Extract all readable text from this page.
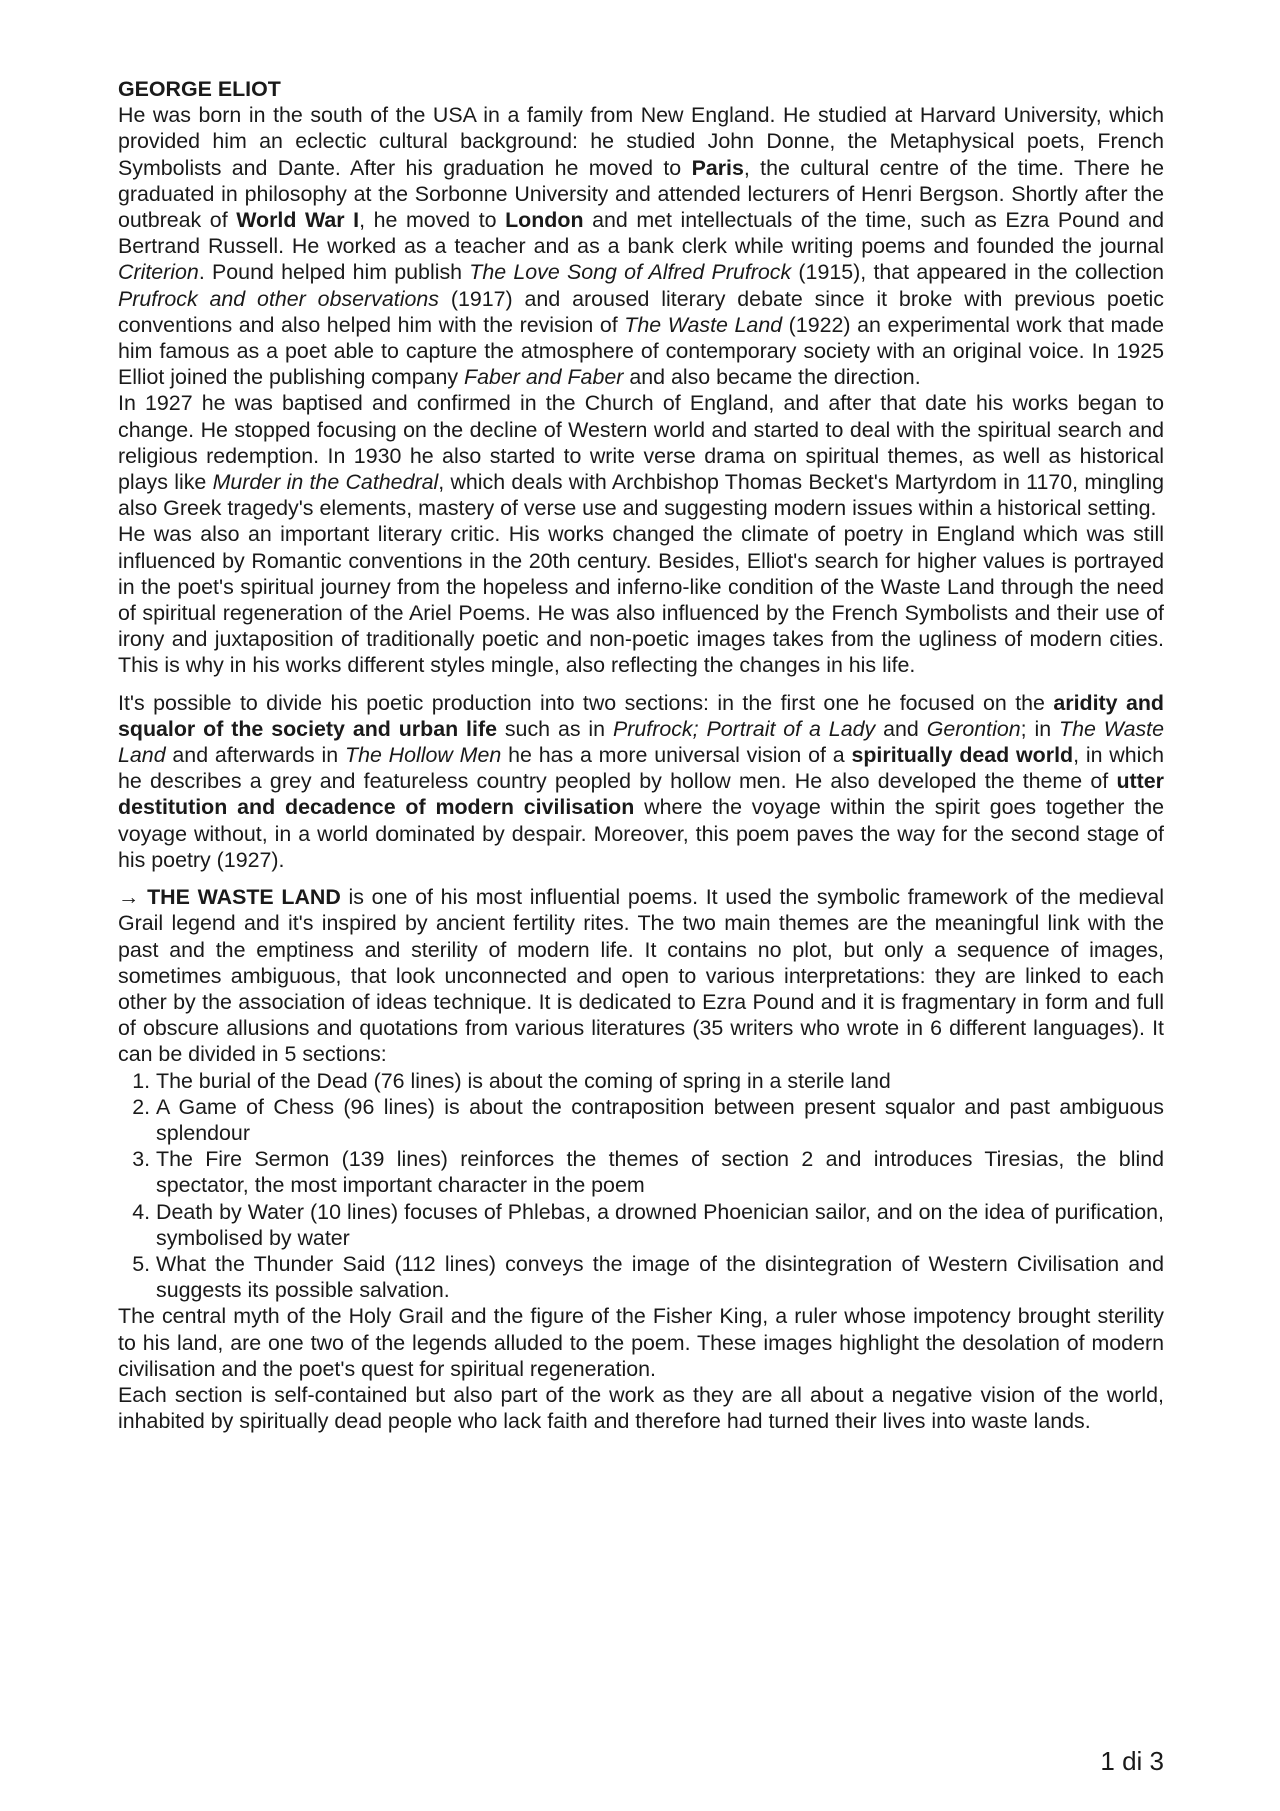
GEORGE ELIOT

He was born in the south of the USA in a family from New England. He studied at Harvard University, which provided him an eclectic cultural background: he studied John Donne, the Metaphysical poets, French Symbolists and Dante. After his graduation he moved to Paris, the cultural centre of the time. There he graduated in philosophy at the Sorbonne University and attended lecturers of Henri Bergson. Shortly after the outbreak of World War I, he moved to London and met intellectuals of the time, such as Ezra Pound and Bertrand Russell. He worked as a teacher and as a bank clerk while writing poems and founded the journal Criterion. Pound helped him publish The Love Song of Alfred Prufrock (1915), that appeared in the collection Prufrock and other observations (1917) and aroused literary debate since it broke with previous poetic conventions and also helped him with the revision of The Waste Land (1922) an experimental work that made him famous as a poet able to capture the atmosphere of contemporary society with an original voice. In 1925 Elliot joined the publishing company Faber and Faber and also became the direction.

In 1927 he was baptised and confirmed in the Church of England, and after that date his works began to change. He stopped focusing on the decline of Western world and started to deal with the spiritual search and religious redemption. In 1930 he also started to write verse drama on spiritual themes, as well as historical plays like Murder in the Cathedral, which deals with Archbishop Thomas Becket's Martyrdom in 1170, mingling also Greek tragedy's elements, mastery of verse use and suggesting modern issues within a historical setting.

He was also an important literary critic. His works changed the climate of poetry in England which was still influenced by Romantic conventions in the 20th century. Besides, Elliot's search for higher values is portrayed in the poet's spiritual journey from the hopeless and inferno-like condition of the Waste Land through the need of spiritual regeneration of the Ariel Poems. He was also influenced by the French Symbolists and their use of irony and juxtaposition of traditionally poetic and non-poetic images takes from the ugliness of modern cities. This is why in his works different styles mingle, also reflecting the changes in his life.

It's possible to divide his poetic production into two sections: in the first one he focused on the aridity and squalor of the society and urban life such as in Prufrock; Portrait of a Lady and Gerontion; in The Waste Land and afterwards in The Hollow Men he has a more universal vision of a spiritually dead world, in which he describes a grey and featureless country peopled by hollow men. He also developed the theme of utter destitution and decadence of modern civilisation where the voyage within the spirit goes together the voyage without, in a world dominated by despair. Moreover, this poem paves the way for the second stage of his poetry (1927).

→ THE WASTE LAND is one of his most influential poems. It used the symbolic framework of the medieval Grail legend and it's inspired by ancient fertility rites. The two main themes are the meaningful link with the past and the emptiness and sterility of modern life. It contains no plot, but only a sequence of images, sometimes ambiguous, that look unconnected and open to various interpretations: they are linked to each other by the association of ideas technique. It is dedicated to Ezra Pound and it is fragmentary in form and full of obscure allusions and quotations from various literatures (35 writers who wrote in 6 different languages). It can be divided in 5 sections:

1. The burial of the Dead (76 lines) is about the coming of spring in a sterile land
2. A Game of Chess (96 lines) is about the contraposition between present squalor and past ambiguous splendour
3. The Fire Sermon (139 lines) reinforces the themes of section 2 and introduces Tiresias, the blind spectator, the most important character in the poem
4. Death by Water (10 lines) focuses of Phlebas, a drowned Phoenician sailor, and on the idea of purification, symbolised by water
5. What the Thunder Said (112 lines) conveys the image of the disintegration of Western Civilisation and suggests its possible salvation.

The central myth of the Holy Grail and the figure of the Fisher King, a ruler whose impotency brought sterility to his land, are one two of the legends alluded to the poem. These images highlight the desolation of modern civilisation and the poet's quest for spiritual regeneration.

Each section is self-contained but also part of the work as they are all about a negative vision of the world, inhabited by spiritually dead people who lack faith and therefore had turned their lives into waste lands.

1 di 3
